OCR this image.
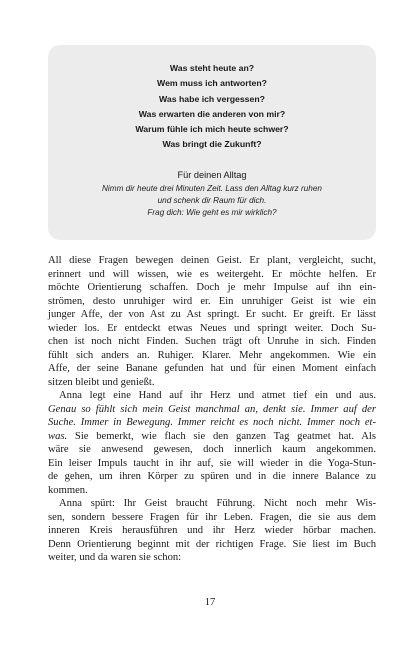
Was steht heute an?
Wem muss ich antworten?
Was habe ich vergessen?
Was erwarten die anderen von mir?
Warum fühle ich mich heute schwer?
Was bringt die Zukunft?
Für deinen Alltag
Nimm dir heute drei Minuten Zeit. Lass den Alltag kurz ruhen
und schenk dir Raum für dich.
Frag dich: Wie geht es mir wirklich?
All diese Fragen bewegen deinen Geist. Er plant, vergleicht, sucht,
erinnert und will wissen, wie es weitergeht. Er möchte helfen. Er
möchte Orientierung schaffen. Doch je mehr Impulse auf ihn ein-
strömen, desto unruhiger wird er. Ein unruhiger Geist ist wie ein
junger Affe, der von Ast zu Ast springt. Er sucht. Er greift. Er lässt
wieder los. Er entdeckt etwas Neues und springt weiter. Doch Su-
chen ist noch nicht Finden. Suchen trägt oft Unruhe in sich. Finden
fühlt sich anders an. Ruhiger. Klarer. Mehr angekommen. Wie ein
Affe, der seine Banane gefunden hat und für einen Moment einfach
sitzen bleibt und genießt.
Anna legt eine Hand auf ihr Herz und atmet tief ein und aus.
Genau so fühlt sich mein Geist manchmal an, denkt sie. Immer auf der
Suche. Immer in Bewegung. Immer reicht es noch nicht. Immer noch et-
was. Sie bemerkt, wie flach sie den ganzen Tag geatmet hat. Als
wäre sie anwesend gewesen, doch innerlich kaum angekommen.
Ein leiser Impuls taucht in ihr auf, sie will wieder in die Yoga-Stun-
de gehen, um ihren Körper zu spüren und in die innere Balance zu
kommen.
Anna spürt: Ihr Geist braucht Führung. Nicht noch mehr Wis-
sen, sondern bessere Fragen für ihr Leben. Fragen, die sie aus dem
inneren Kreis herausführen und ihr Herz wieder hörbar machen.
Denn Orientierung beginnt mit der richtigen Frage. Sie liest im Buch
weiter, und da waren sie schon:
17
